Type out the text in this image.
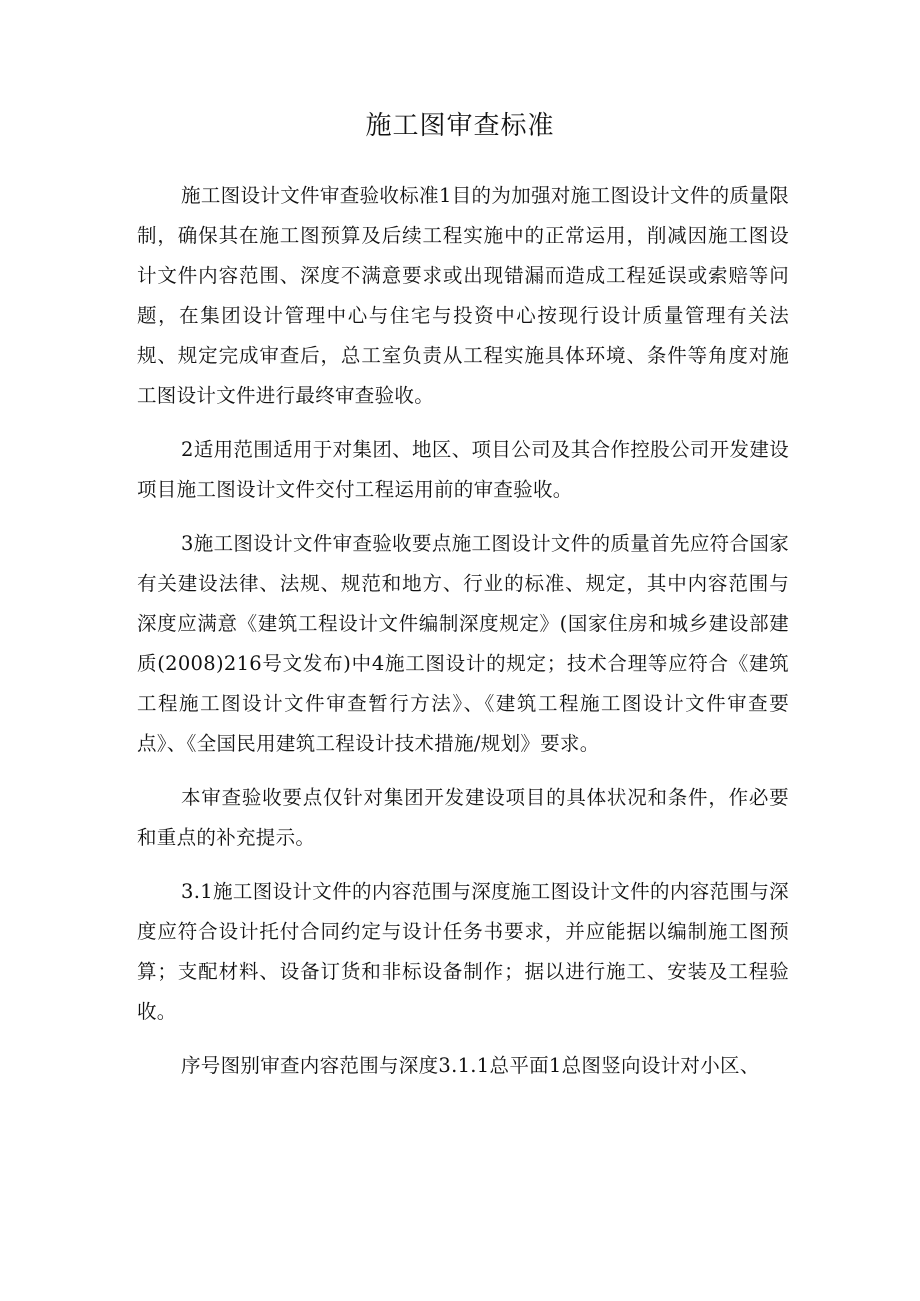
施工图审查标准

施工图设计文件审查验收标准1目的为加强对施工图设计文件的质量限制，确保其在施工图预算及后续工程实施中的正常运用，削减因施工图设计文件内容范围、深度不满意要求或出现错漏而造成工程延误或索赔等问题，在集团设计管理中心与住宅与投资中心按现行设计质量管理有关法规、规定完成审查后，总工室负责从工程实施具体环境、条件等角度对施工图设计文件进行最终审查验收。

2适用范围适用于对集团、地区、项目公司及其合作控股公司开发建设项目施工图设计文件交付工程运用前的审查验收。

3施工图设计文件审查验收要点施工图设计文件的质量首先应符合国家有关建设法律、法规、规范和地方、行业的标准、规定，其中内容范围与深度应满意《建筑工程设计文件编制深度规定》(国家住房和城乡建设部建质(2008)216号文发布)中4施工图设计的规定；技术合理等应符合《建筑工程施工图设计文件审查暂行方法》、《建筑工程施工图设计文件审查要点》、《全国民用建筑工程设计技术措施/规划》要求。

本审查验收要点仅针对集团开发建设项目的具体状况和条件，作必要和重点的补充提示。

3.1施工图设计文件的内容范围与深度施工图设计文件的内容范围与深度应符合设计托付合同约定与设计任务书要求，并应能据以编制施工图预算；支配材料、设备订货和非标设备制作；据以进行施工、安装及工程验收。

序号图别审查内容范围与深度3.1.1总平面1总图竖向设计对小区、
